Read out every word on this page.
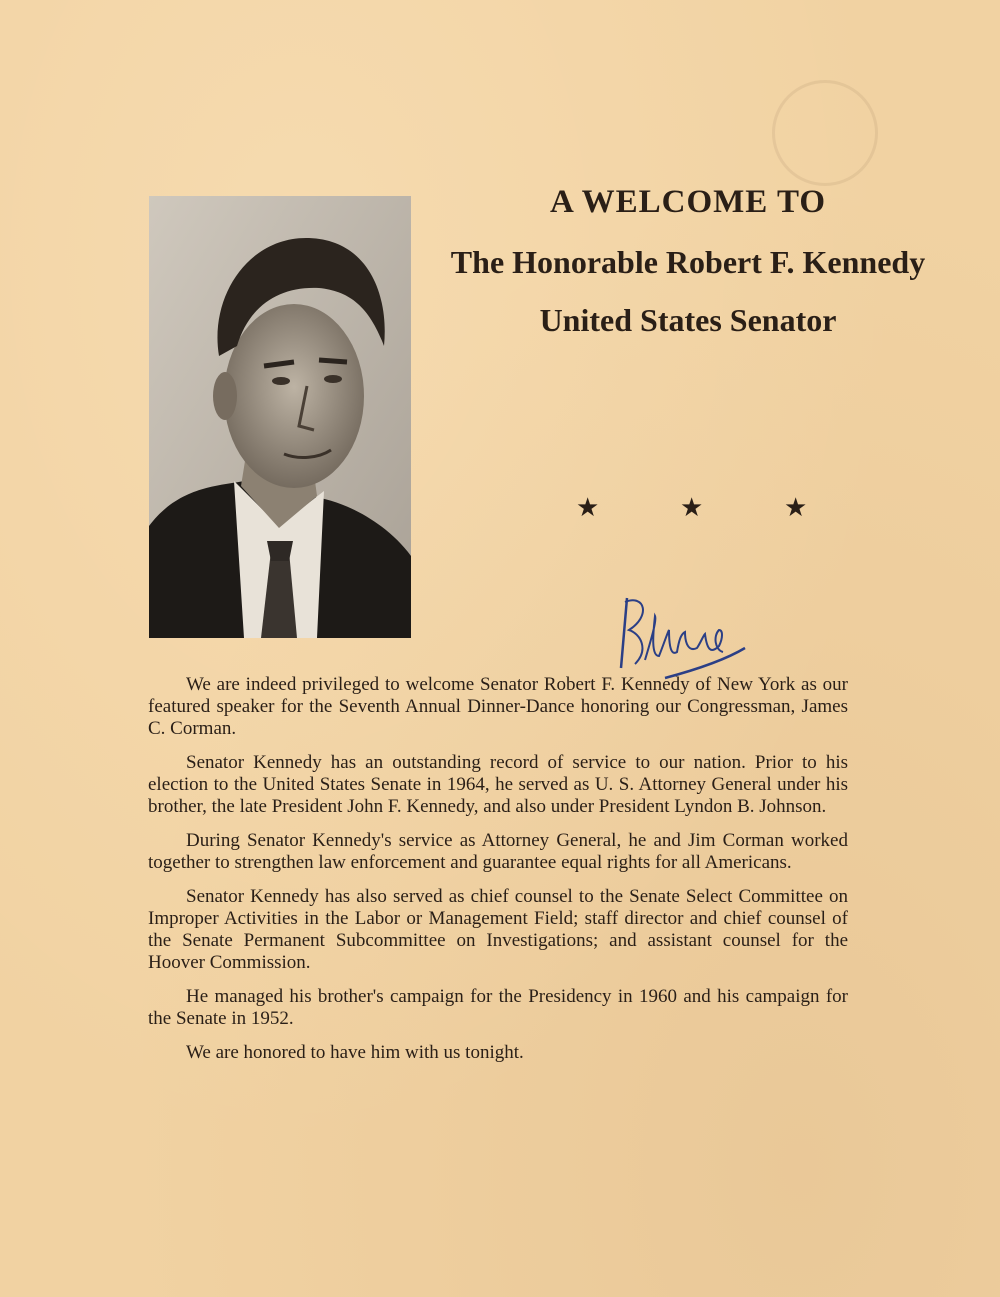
A WELCOME TO
The Honorable Robert F. Kennedy
United States Senator
★	★	★

We are indeed privileged to welcome Senator Robert F. Kennedy of New York as our featured speaker for the Seventh Annual Dinner-Dance honoring our Congressman, James C. Corman.

Senator Kennedy has an outstanding record of service to our nation. Prior to his election to the United States Senate in 1964, he served as U. S. Attorney General under his brother, the late President John F. Kennedy, and also under President Lyndon B. Johnson.

During Senator Kennedy's service as Attorney General, he and Jim Corman worked together to strengthen law enforcement and guarantee equal rights for all Americans.

Senator Kennedy has also served as chief counsel to the Senate Select Committee on Improper Activities in the Labor or Management Field; staff director and chief counsel of the Senate Permanent Subcommittee on Investigations; and assistant counsel for the Hoover Commission.

He managed his brother's campaign for the Presidency in 1960 and his campaign for the Senate in 1952.

We are honored to have him with us tonight.
